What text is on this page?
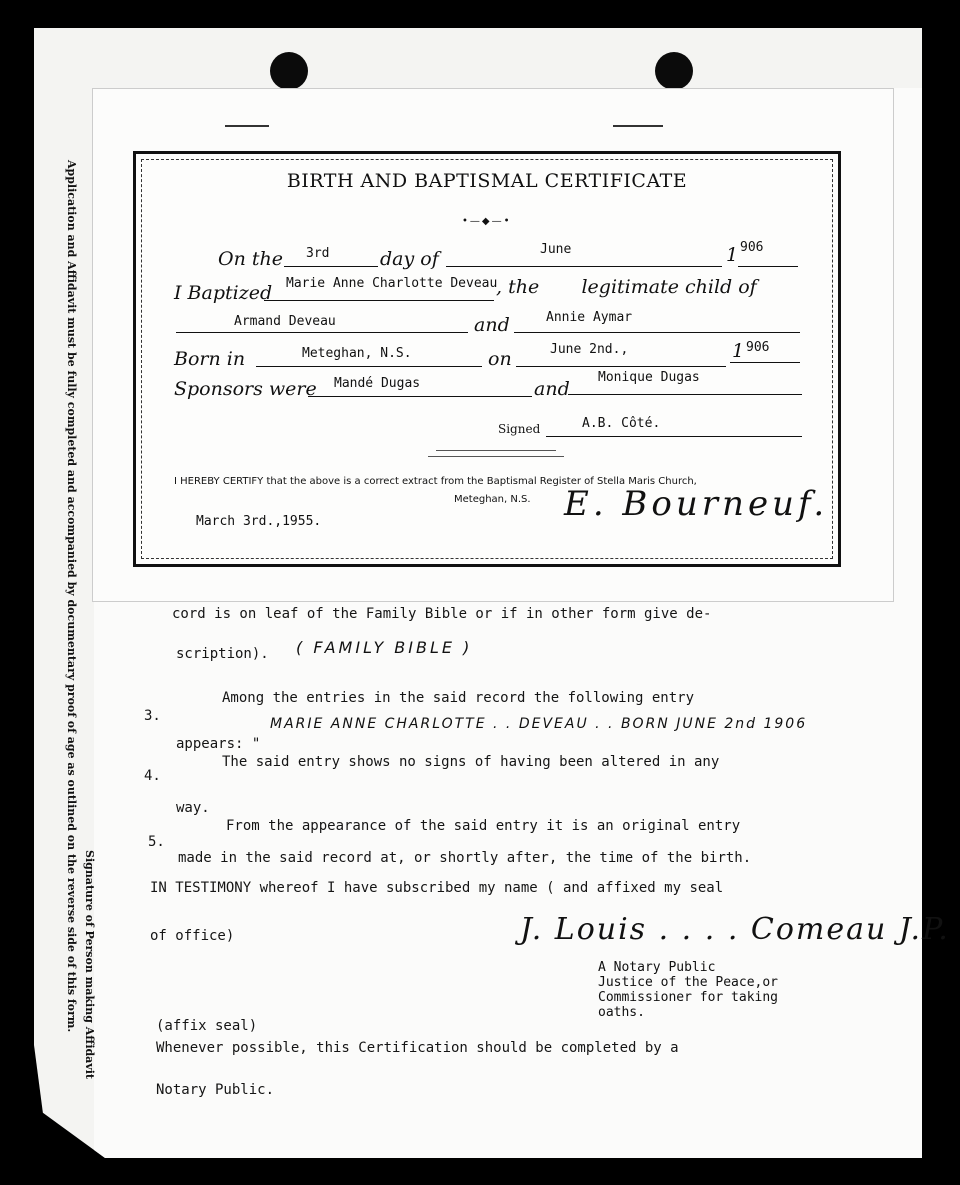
Application and Affidavit must be fully completed and accompanied by documentary proof of age as outlined on the reverse side of this form. Signature of Person making Affidavit
BIRTH AND BAPTISMAL CERTIFICATE
•—◆—•
On the 3rd	day of	June	1 906
I Baptized Marie Anne Charlotte Deveau
, the       legitimate child of
Armand Deveau	and	Annie Aymar
Born in	Meteghan, N.S.	on	June 2nd.,	1 906
Sponsors were Mandé Dugas	and
Monique Dugas
Signed	A.B. Côté.
I HEREBY CERTIFY that the above is a correct extract from the Baptismal Register of Stella Maris Church,
Meteghan, N.S.
March 3rd.,1955.	E. Bourneuf.
cord is on leaf of the Family Bible or if in other form give de-
scription). ( FAMILY BIBLE )
3.
Among the entries in the said record the following entry
appears: "
MARIE ANNE CHARLOTTE . . DEVEAU . . BORN JUNE 2nd 1906
4.
The said entry shows no signs of having been altered in any
way.
5.
From the appearance of the said entry it is an original entry
made in the said record at, or shortly after, the time of the birth.
IN TESTIMONY whereof I have subscribed my name ( and affixed my seal
of office)	J. Louis . . . . Comeau J.P.
A Notary Public
Justice of the Peace,or
Commissioner for taking
oaths.
(affix seal)
Whenever possible, this Certification should be completed by a
Notary Public.
